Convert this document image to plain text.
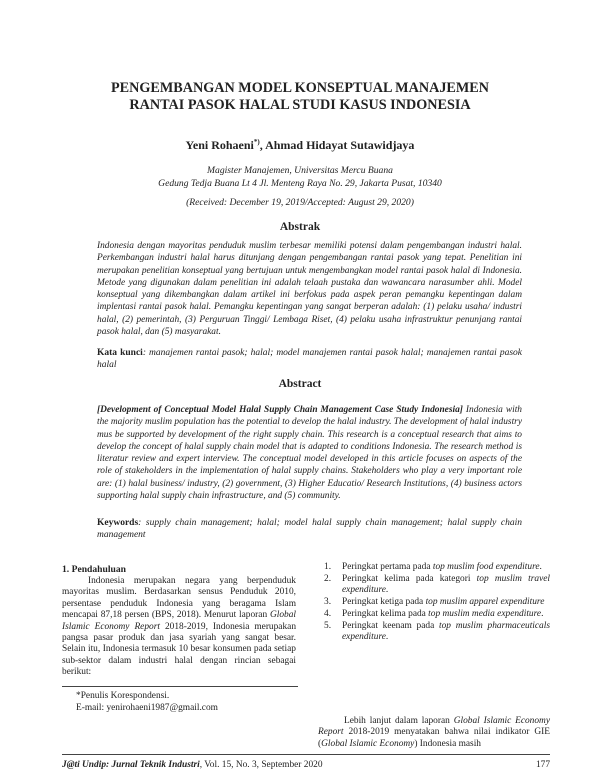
PENGEMBANGAN MODEL KONSEPTUAL MANAJEMEN
RANTAI PASOK HALAL STUDI KASUS INDONESIA
Yeni Rohaeni*), Ahmad Hidayat Sutawidjaya
Magister Manajemen, Universitas Mercu Buana
Gedung Tedja Buana Lt 4 Jl. Menteng Raya No. 29, Jakarta Pusat, 10340
(Received: December 19, 2019/Accepted: August 29, 2020)
Abstrak
Indonesia dengan mayoritas penduduk muslim terbesar memiliki potensi dalam pengembangan industri halal. Perkembangan industri halal harus ditunjang dengan pengembangan rantai pasok yang tepat. Penelitian ini merupakan penelitian konseptual yang bertujuan untuk mengembangkan model rantai pasok halal di Indonesia. Metode yang digunakan dalam penelitian ini adalah telaah pustaka dan wawancara narasumber ahli. Model konseptual yang dikembangkan dalam artikel ini berfokus pada aspek peran pemangku kepentingan dalam implentasi rantai pasok halal. Pemangku kepentingan yang sangat berperan adalah: (1) pelaku usaha/ industri halal, (2) pemerintah, (3) Perguruan Tinggi/ Lembaga Riset, (4) pelaku usaha infrastruktur penunjang rantai pasok halal, dan (5) masyarakat.
Kata kunci: manajemen rantai pasok; halal; model manajemen rantai pasok halal; manajemen rantai pasok halal
Abstract
[Development of Conceptual Model Halal Supply Chain Management Case Study Indonesia] Indonesia with the majority muslim population has the potential to develop the halal industry. The development of halal industry mus be supported by development of the right supply chain. This research is a conceptual research that aims to develop the concept of halal supply chain model that is adapted to conditions Indonesia. The research method is literatur review and expert interview. The conceptual model developed in this article focuses on aspects of the role of stakeholders in the implementation of halal supply chains. Stakeholders who play a very important role are: (1) halal business/ industry, (2) government, (3) Higher Educatio/ Research Institutions, (4) business actors supporting halal supply chain infrastructure, and (5) community.
Keywords: supply chain management; halal; model halal supply chain management; halal supply chain management
1. Pendahuluan
Indonesia merupakan negara yang berpenduduk mayoritas muslim. Berdasarkan sensus Penduduk 2010, persentase penduduk Indonesia yang beragama Islam mencapai 87,18 persen (BPS, 2018). Menurut laporan Global Islamic Economy Report 2018-2019, Indonesia merupakan pangsa pasar produk dan jasa syariah yang sangat besar. Selain itu, Indonesia termasuk 10 besar konsumen pada setiap sub-sektor dalam industri halal dengan rincian sebagai berikut:
*Penulis Korespondensi.
E-mail: yenirohaeni1987@gmail.com
1. Peringkat pertama pada top muslim food expenditure.
2. Peringkat kelima pada kategori top muslim travel expenditure.
3. Peringkat ketiga pada top muslim apparel expenditure
4. Peringkat kelima pada top muslim media expenditure.
5. Peringkat keenam pada top muslim pharmaceuticals expenditure.
Lebih lanjut dalam laporan Global Islamic Economy Report 2018-2019 menyatakan bahwa nilai indikator GIE (Global Islamic Economy) Indonesia masih
J@ti Undip: Jurnal Teknik Industri, Vol. 15, No. 3, September 2020	177
